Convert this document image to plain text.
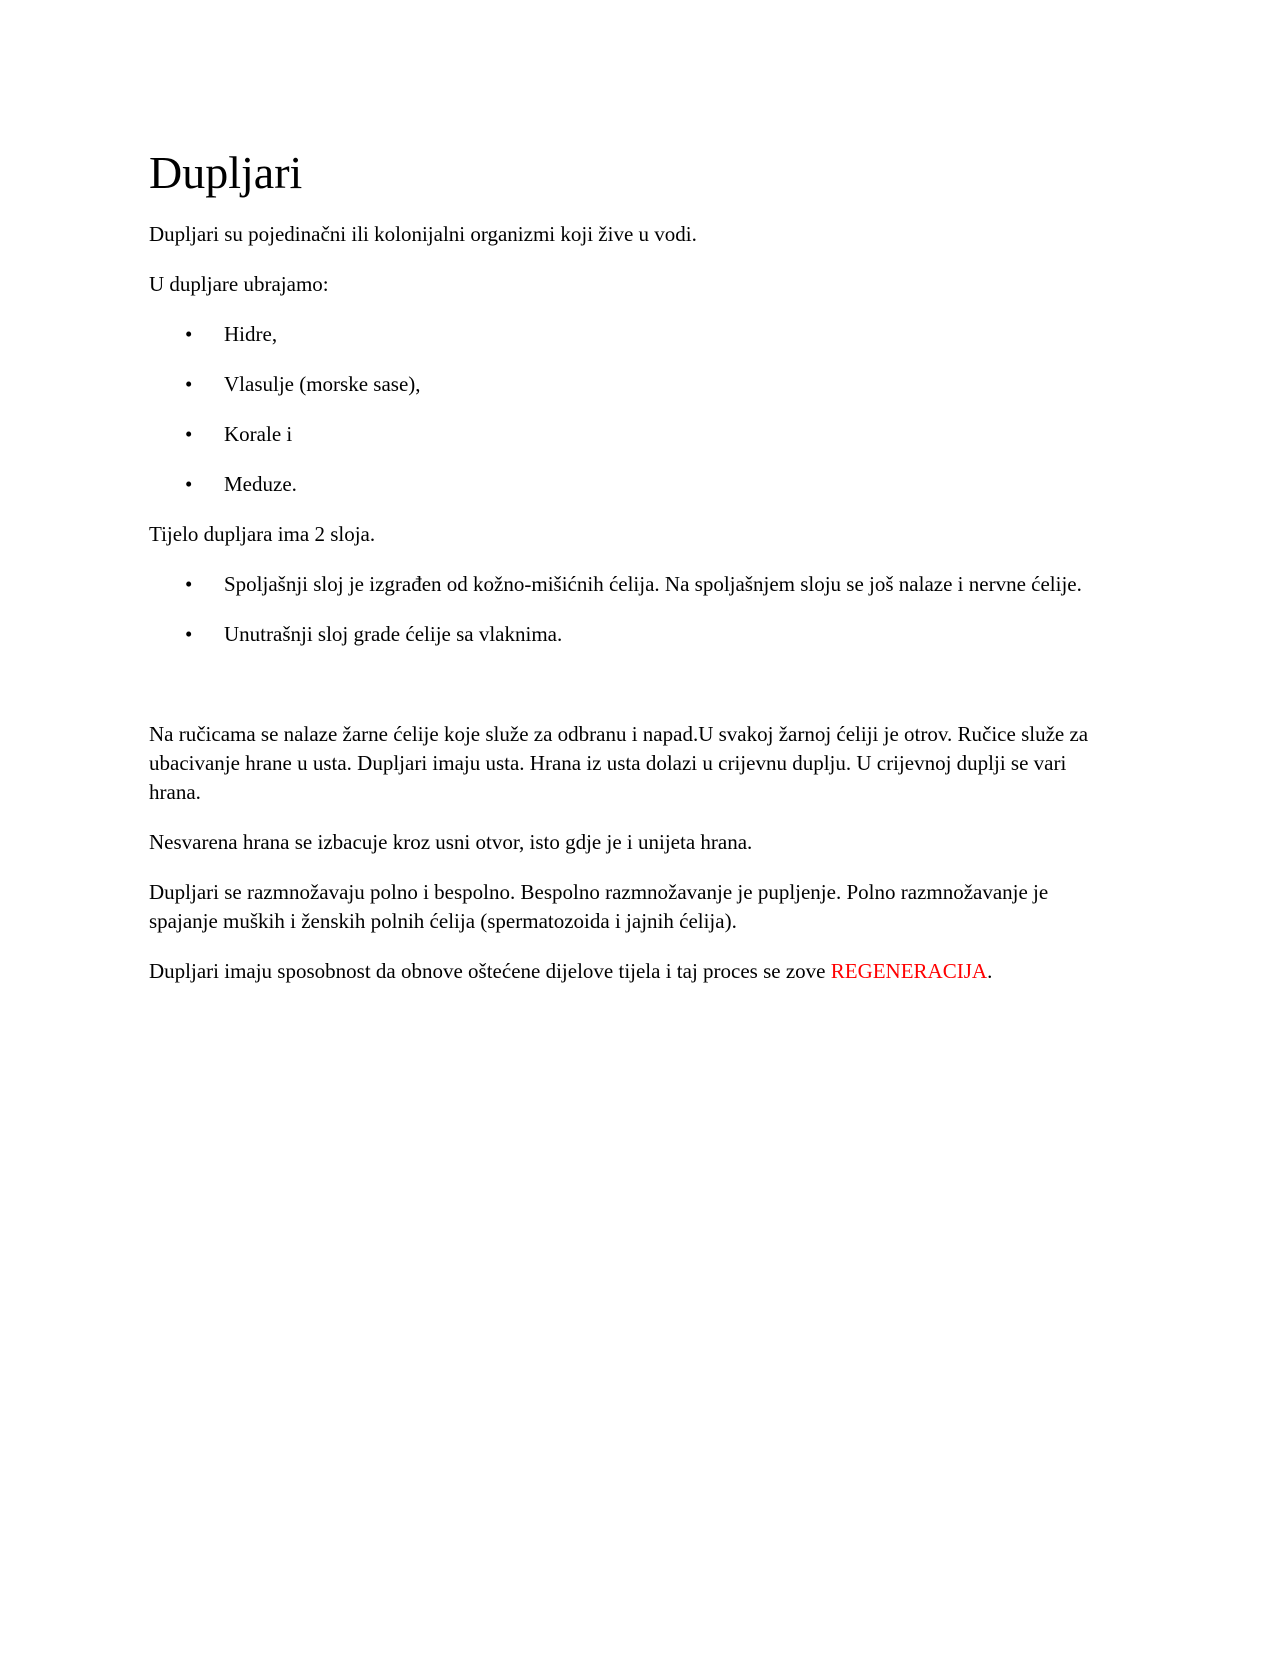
Dupljari

Dupljari su pojedinačni ili kolonijalni organizmi koji žive u vodi.

U dupljare ubrajamo:

• Hidre,
• Vlasulje (morske sase),
• Korale i
• Meduze.

Tijelo dupljara ima 2 sloja.

• Spoljašnji sloj je izgrađen od kožno-mišićnih ćelija. Na spoljašnjem sloju se još nalaze i nervne ćelije.
• Unutrašnji sloj grade ćelije sa vlaknima.

Na ručicama se nalaze žarne ćelije koje služe za odbranu i napad.U svakoj žarnoj ćeliji je otrov. Ručice služe za ubacivanje hrane u usta. Dupljari imaju usta. Hrana iz usta dolazi u crijevnu duplju. U crijevnoj duplji se vari hrana.

Nesvarena hrana se izbacuje kroz usni otvor, isto gdje je i unijeta hrana.

Dupljari se razmnožavaju polno i bespolno. Bespolno razmnožavanje je pupljenje. Polno razmnožavanje je spajanje muških i ženskih polnih ćelija (spermatozoida i jajnih ćelija).

Dupljari imaju sposobnost da obnove oštećene dijelove tijela i taj proces se zove REGENERACIJA.
